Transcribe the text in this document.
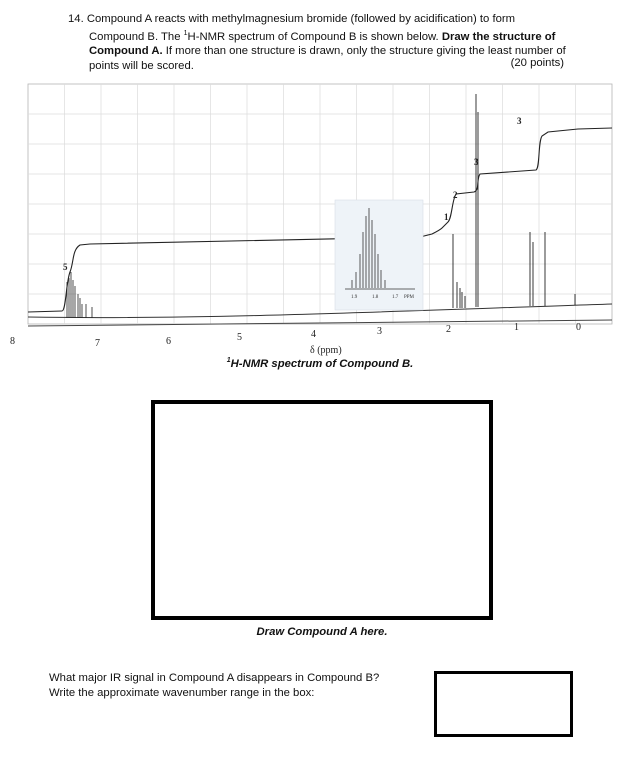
14. Compound A reacts with methylmagnesium bromide (followed by acidification) to form
Compound B. The $^1$H-NMR spectrum of Compound B is shown below. Draw the structure of
Compound A. If more than one structure is drawn, only the structure giving the least number of
points will be scored.	(20 points)
1.9	1.8	1.7 PPM
5
1
2
3
3
8	7	6	5	4	3	2	1	0
δ (ppm)
$^1$H-NMR spectrum of Compound B.
Draw Compound A here.
What major IR signal in Compound A disappears in Compound B?
Write the approximate wavenumber range in the box:
